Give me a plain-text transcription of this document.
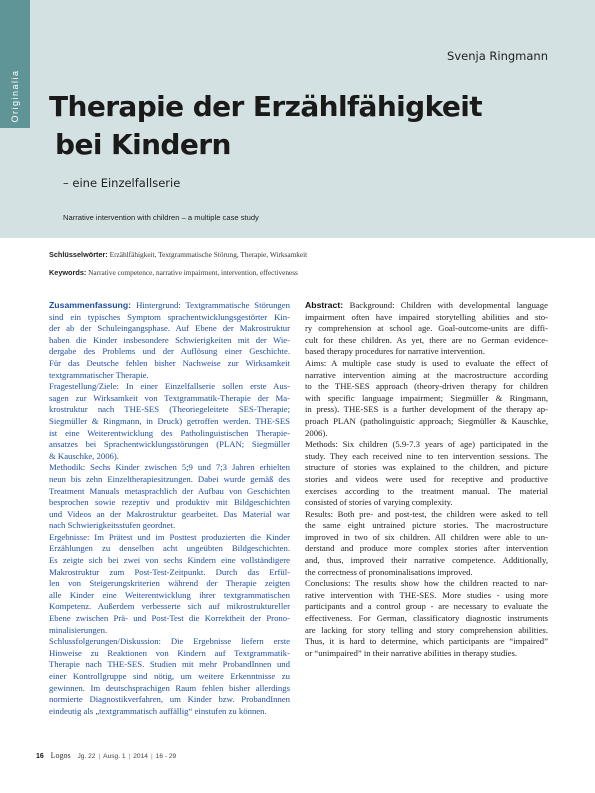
Originalia
Svenja Ringmann
Therapie der Erzählfähigkeit
bei Kindern
– eine Einzelfallserie
Narrative intervention with children – a multiple case study
Schlüsselwörter: Erzählfähigkeit, Textgrammatische Störung, Therapie, Wirksamkeit
Keywords: Narrative competence, narrative impairment, intervention, effectiveness
Zusammenfassung: Hintergrund: Textgrammatische Störungen
sind ein typisches Symptom sprachentwicklungsgestörter Kin-
der ab der Schuleingangsphase. Auf Ebene der Makrostruktur
haben die Kinder insbesondere Schwierigkeiten mit der Wie-
dergabe des Problems und der Auflösung einer Geschichte.
Für das Deutsche fehlen bisher Nachweise zur Wirksamkeit
textgrammatischer Therapie.
Fragestellung/Ziele: In einer Einzelfallserie sollen erste Aus-
sagen zur Wirksamkeit von Textgrammatik-Therapie der Ma-
krostruktur nach THE-SES (Theoriegeleitete SES-Therapie;
Siegmüller & Ringmann, in Druck) getroffen werden. THE-SES
ist eine Weiterentwicklung des Patholinguistischen Therapie-
ansatzes bei Sprachentwicklungsstörungen (PLAN; Siegmüller
& Kauschke, 2006).
Methodik: Sechs Kinder zwischen 5;9 und 7;3 Jahren erhielten
neun bis zehn Einzeltherapiesitzungen. Dabei wurde gemäß des
Treatment Manuals metasprachlich der Aufbau von Geschichten
besprochen sowie rezeptiv und produktiv mit Bildgeschichten
und Videos an der Makrostruktur gearbeitet. Das Material war
nach Schwierigkeitsstufen geordnet.
Ergebnisse: Im Prätest und im Posttest produzierten die Kinder
Erzählungen zu denselben acht ungeübten Bildgeschichten.
Es zeigte sich bei zwei von sechs Kindern eine vollständigere
Makrostruktur zum Post-Test-Zeitpunkt. Durch das Erfül-
len von Steigerungskriterien während der Therapie zeigten
alle Kinder eine Weiterentwicklung ihrer textgrammatischen
Kompetenz. Außerdem verbesserte sich auf mikrostruktureller
Ebene zwischen Prä- und Post-Test die Korrektheit der Prono-
minalisierungen.
Schlussfolgerungen/Diskussion: Die Ergebnisse liefern erste
Hinweise zu Reaktionen von Kindern auf Textgrammatik-
Therapie nach THE-SES. Studien mit mehr ProbandInnen und
einer Kontrollgruppe sind nötig, um weitere Erkenntnisse zu
gewinnen. Im deutschsprachigen Raum fehlen bisher allerdings
normierte Diagnostikverfahren, um Kinder bzw. ProbandInnen
eindeutig als „textgrammatisch auffällig“ einstufen zu können.
Abstract: Background: Children with developmental language
impairment often have impaired storytelling abilities and sto-
ry comprehension at school age. Goal-outcome-units are diffi-
cult for these children. As yet, there are no German evidence-
based therapy procedures for narrative intervention.
Aims: A multiple case study is used to evaluate the effect of
narrative intervention aiming at the macrostructure according
to the THE-SES approach (theory-driven therapy for children
with specific language impairment; Siegmüller & Ringmann,
in press). THE-SES is a further development of the therapy ap-
proach PLAN (patholinguistic approach; Siegmüller & Kauschke,
2006).
Methods: Six children (5.9-7.3 years of age) participated in the
study. They each received nine to ten intervention sessions. The
structure of stories was explained to the children, and picture
stories and videos were used for receptive and productive
exercises according to the treatment manual. The material
consisted of stories of varying complexity.
Results: Both pre- and post-test, the children were asked to tell
the same eight untrained picture stories. The macrostructure
improved in two of six children. All children were able to un-
derstand and produce more complex stories after intervention
and, thus, improved their narrative competence. Additionally,
the correctness of pronominalisations improved.
Conclusions: The results show how the children reacted to nar-
rative intervention with THE-SES. More studies - using more
participants and a control group - are necessary to evaluate the
effectiveness. For German, classificatory diagnostic instruments
are lacking for story telling and story comprehension abilities.
Thus, it is hard to determine, which participants are “impaired”
or “unimpaired” in their narrative abilities in therapy studies.
16 Logos Jg. 22 | Ausg. 1 | 2014 | 16 - 29
